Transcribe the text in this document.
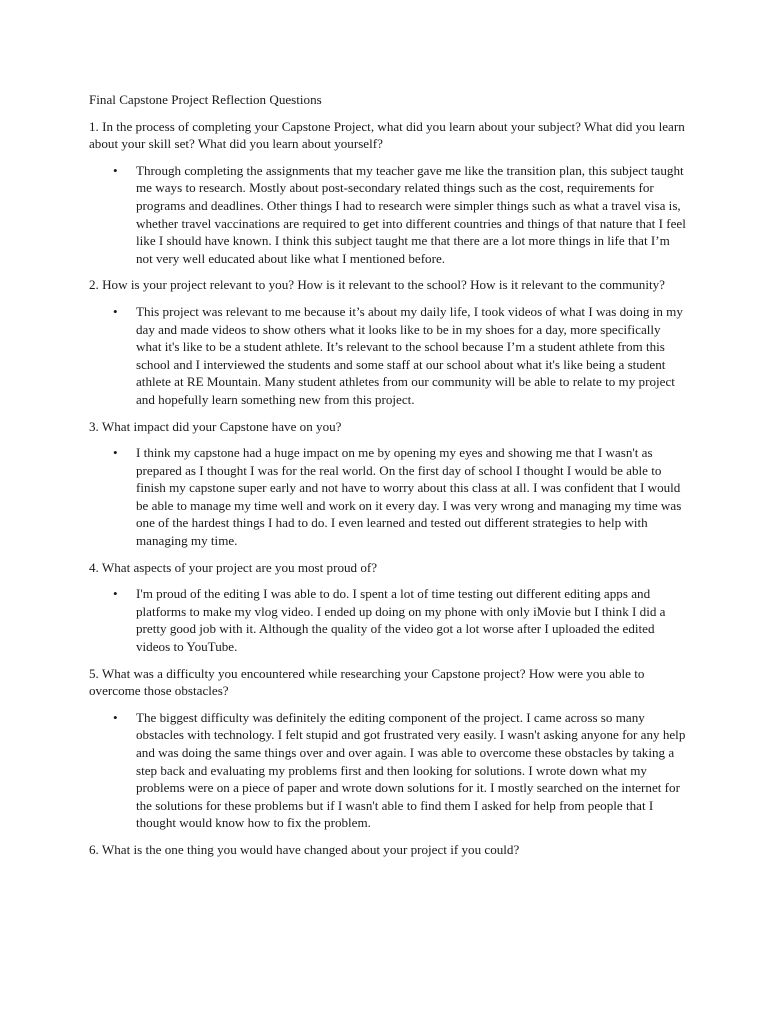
Final Capstone Project Reflection Questions

1. In the process of completing your Capstone Project, what did you learn about your subject? What did you learn about your skill set? What did you learn about yourself?

• Through completing the assignments that my teacher gave me like the transition plan, this subject taught me ways to research. Mostly about post-secondary related things such as the cost, requirements for programs and deadlines. Other things I had to research were simpler things such as what a travel visa is, whether travel vaccinations are required to get into different countries and things of that nature that I feel like I should have known. I think this subject taught me that there are a lot more things in life that I’m not very well educated about like what I mentioned before.

2. How is your project relevant to you? How is it relevant to the school? How is it relevant to the community?

• This project was relevant to me because it’s about my daily life, I took videos of what I was doing in my day and made videos to show others what it looks like to be in my shoes for a day, more specifically what it's like to be a student athlete. It’s relevant to the school because I’m a student athlete from this school and I interviewed the students and some staff at our school about what it's like being a student athlete at RE Mountain. Many student athletes from our community will be able to relate to my project and hopefully learn something new from this project.

3. What impact did your Capstone have on you?

• I think my capstone had a huge impact on me by opening my eyes and showing me that I wasn't as prepared as I thought I was for the real world. On the first day of school I thought I would be able to finish my capstone super early and not have to worry about this class at all. I was confident that I would be able to manage my time well and work on it every day. I was very wrong and managing my time was one of the hardest things I had to do. I even learned and tested out different strategies to help with managing my time.

4. What aspects of your project are you most proud of?

• I'm proud of the editing I was able to do. I spent a lot of time testing out different editing apps and platforms to make my vlog video. I ended up doing on my phone with only iMovie but I think I did a pretty good job with it. Although the quality of the video got a lot worse after I uploaded the edited videos to YouTube.

5. What was a difficulty you encountered while researching your Capstone project? How were you able to overcome those obstacles?

• The biggest difficulty was definitely the editing component of the project. I came across so many obstacles with technology. I felt stupid and got frustrated very easily. I wasn't asking anyone for any help and was doing the same things over and over again. I was able to overcome these obstacles by taking a step back and evaluating my problems first and then looking for solutions. I wrote down what my problems were on a piece of paper and wrote down solutions for it. I mostly searched on the internet for the solutions for these problems but if I wasn't able to find them I asked for help from people that I thought would know how to fix the problem.

6. What is the one thing you would have changed about your project if you could?
